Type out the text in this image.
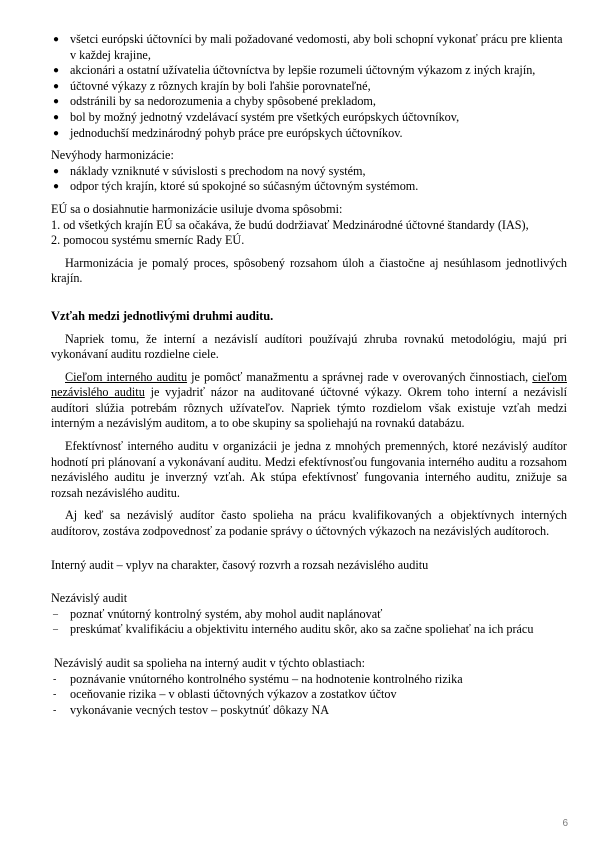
● všetci európski účtovníci by mali požadované vedomosti, aby boli schopní vykonať prácu pre klienta v každej krajine,
● akcionári a ostatní užívatelia účtovníctva by lepšie rozumeli účtovným výkazom z iných krajín,
● účtovné výkazy z rôznych krajín by boli ľahšie porovnateľné,
● odstránili by sa nedorozumenia a chyby spôsobené prekladom,
● bol by možný jednotný vzdelávací systém pre všetkých európskych účtovníkov,
● jednoduchší medzinárodný pohyb práce pre európskych účtovníkov.

Nevýhody harmonizácie:

● náklady vzniknuté v súvislosti s prechodom na nový systém,
● odpor tých krajín, ktoré sú spokojné so súčasným účtovným systémom.

EÚ sa o dosiahnutie harmonizácie usiluje dvoma spôsobmi:

1. od všetkých krajín EÚ sa očakáva, že budú dodržiavať Medzinárodné účtovné štandardy (IAS),
2. pomocou systému smerníc Rady EÚ.

Harmonizácia je pomalý proces, spôsobený rozsahom úloh a čiastočne aj nesúhlasom jednotlivých krajín.

Vzťah medzi jednotlivými druhmi auditu.

Napriek tomu, že interní a nezávislí audítori používajú zhruba rovnakú metodológiu, majú pri vykonávaní auditu rozdielne ciele.

Cieľom interného auditu je pomôcť manažmentu a správnej rade v overovaných činnostiach, cieľom nezávislého auditu je vyjadriť názor na auditované účtovné výkazy. Okrem toho interní a nezávislí audítori slúžia potrebám rôznych užívateľov. Napriek týmto rozdielom však existuje vzťah medzi interným a nezávislým auditom, a to obe skupiny sa spoliehajú na rovnakú databázu.

Efektívnosť interného auditu v organizácii je jedna z mnohých premenných, ktoré nezávislý audítor hodnotí pri plánovaní a vykonávaní auditu. Medzi efektívnosťou fungovania interného auditu a rozsahom nezávislého auditu je inverzný vzťah. Ak stúpa efektívnosť fungovania interného auditu, znižuje sa rozsah nezávislého auditu.

Aj keď sa nezávislý audítor často spolieha na prácu kvalifikovaných a objektívnych interných audítorov, zostáva zodpovednosť za podanie správy o účtovných výkazoch na nezávislých audítoroch.

Interný audit – vplyv na charakter, časový rozvrh a rozsah nezávislého auditu

Nezávislý audit

– poznať vnútorný kontrolný systém, aby mohol audit naplánovať
– preskúmať kvalifikáciu a objektivitu interného auditu skôr, ako sa začne spoliehať na ich prácu

Nezávislý audit sa spolieha na interný audit v týchto oblastiach:

- poznávanie vnútorného kontrolného systému – na hodnotenie kontrolného rizika
- oceňovanie rizika – v oblasti účtovných výkazov a zostatkov účtov
- vykonávanie vecných testov – poskytnúť dôkazy NA
6
